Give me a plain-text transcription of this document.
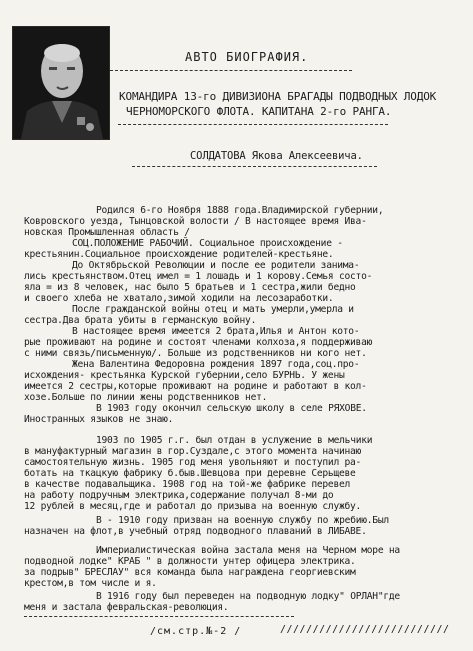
АВТО БИОГРАФИЯ.
КОМАНДИРА 13-го ДИВИЗИОНА БРАГАДЫ ПОДВОДНЫХ ЛОДОК
ЧЕРНОМОРСКОГО ФЛОТА. КАПИТАНА 2-го РАНГА.
СОЛДАТОВА Якова Алексеевича.
Родился 6-го Ноября 1888 года.Владимирской губернии,
Ковровского уезда, Тынцовской волости / В настоящее время Ива-
новская Промышленная область /
СОЦ.ПОЛОЖЕНИЕ РАБОЧИЙ. Социальное происхождение -
крестьянин.Социальное происхождение родителей-крестьяне.
До Октябрьской Революции и после ее родители занима-
лись крестьянством.Отец имел = 1 лошадь и 1 корову.Семья состо-
яла = из 8 человек, нас было 5 братьев и 1 сестра,жили бедно
и своего хлеба не хватало,зимой ходили на лесозаработки.
После гражданской войны отец и мать умерли,умерла и
сестра.Два брата убиты в германскую войну.
В настоящее время имеется 2 брата,Илья и Антон кото-
рые проживают на родине и состоят членами колхоза,я поддерживаю
с ними связь/письменную/. Больше из родственников ни кого нет.
Жена Валентина Федоровна рождения 1897 года,соц.про-
исхождения- крестьянка Курской губернии,село БУРНЬ. У жены
имеется 2 сестры,которые проживают на родине и работают в кол-
хозе.Больше по линии жены родственников нет.
В 1903 году окончил сельскую школу в селе РЯХОВЕ.
Иностранных языков не знаю.
1903 по 1905 г.г. был отдан в услужение в мельчики
в мануфактурный магазин в гор.Суздале,с этого момента начинаю
самостоятельную жизнь. 1905 год меня увольняют и поступил ра-
ботать на ткацкую фабрику б.быв.Шевцова при деревне Серьщеве
в качестве подавальщика. 1908 год на той-же фабрике перевел
на работу подручным электрика,содержание получал 8-ми до
12 рублей в месяц,где и работал до призыва на военную службу.
В - 1910 году призван на военную службу по жребию.Был
назначен на флот,в учебный отряд подводного плаваний в ЛИБАВЕ.
Империалистическая война застала меня на Черном море на
подводной лодке" КРАБ " в должности унтер офицера электрика.
за подрыв" БРЕСЛАУ" вся команда была награждена георгиевским
крестом,в том числе и я.
В 1916 году был переведен на подводную лодку" ОРЛАН"где
меня и застала февральская-революция.
/см.стр.№-2 /	//////////////////////////
